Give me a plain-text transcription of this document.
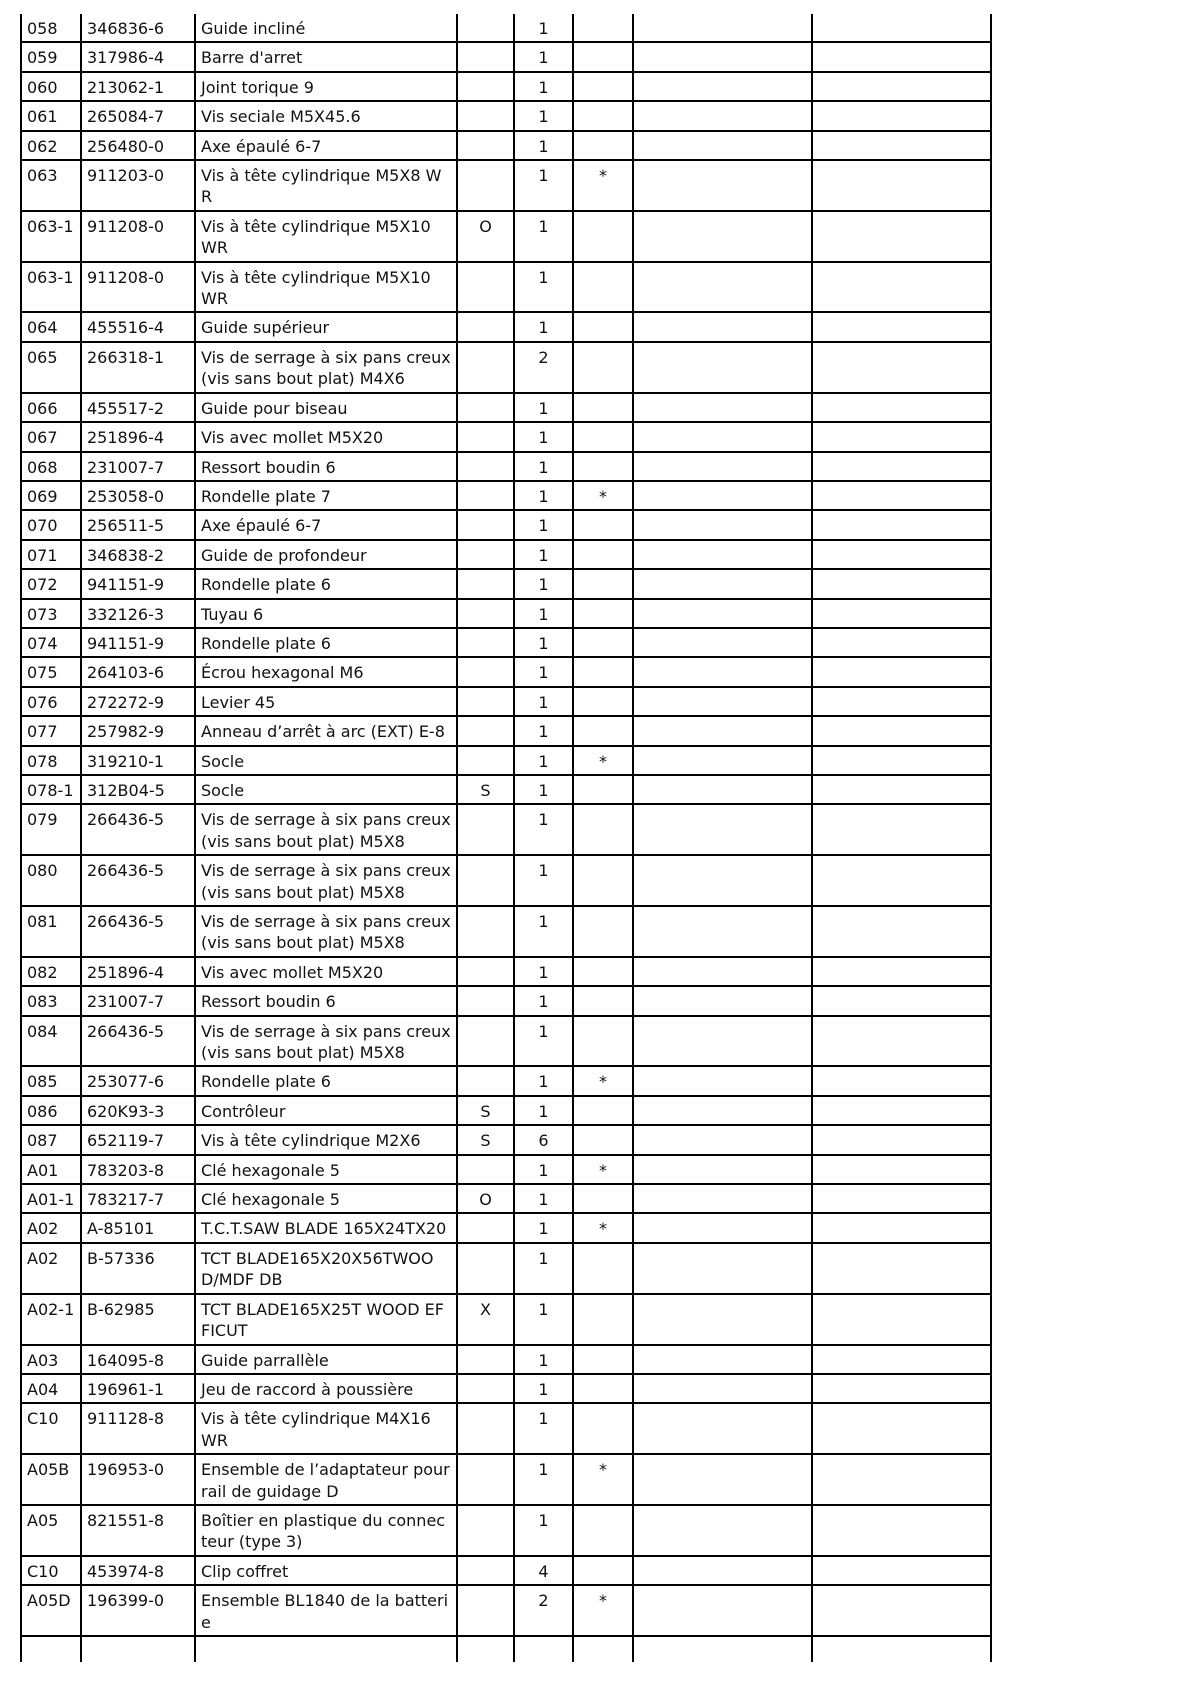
058	346836-6	Guide incliné		1			
059	317986-4	Barre d'arret		1			
060	213062-1	Joint torique 9		1			
061	265084-7	Vis seciale M5X45.6		1			
062	256480-0	Axe épaulé 6-7		1			
063	911203-0	Vis à tête cylindrique M5X8 WR		1	*		
063-1	911208-0	Vis à tête cylindrique M5X10 WR	O	1			
063-1	911208-0	Vis à tête cylindrique M5X10 WR		1			
064	455516-4	Guide supérieur		1			
065	266318-1	Vis de serrage à six pans creux (vis sans bout plat) M4X6		2			
066	455517-2	Guide pour biseau		1			
067	251896-4	Vis avec mollet M5X20		1			
068	231007-7	Ressort boudin 6		1			
069	253058-0	Rondelle plate 7		1	*		
070	256511-5	Axe épaulé 6-7		1			
071	346838-2	Guide de profondeur		1			
072	941151-9	Rondelle plate 6		1			
073	332126-3	Tuyau 6		1			
074	941151-9	Rondelle plate 6		1			
075	264103-6	Écrou hexagonal M6		1			
076	272272-9	Levier 45		1			
077	257982-9	Anneau d’arrêt à arc (EXT) E-8		1			
078	319210-1	Socle		1	*		
078-1	312B04-5	Socle	S	1			
079	266436-5	Vis de serrage à six pans creux (vis sans bout plat) M5X8		1			
080	266436-5	Vis de serrage à six pans creux (vis sans bout plat) M5X8		1			
081	266436-5	Vis de serrage à six pans creux (vis sans bout plat) M5X8		1			
082	251896-4	Vis avec mollet M5X20		1			
083	231007-7	Ressort boudin 6		1			
084	266436-5	Vis de serrage à six pans creux (vis sans bout plat) M5X8		1			
085	253077-6	Rondelle plate 6		1	*		
086	620K93-3	Contrôleur	S	1			
087	652119-7	Vis à tête cylindrique M2X6	S	6			
A01	783203-8	Clé hexagonale 5		1	*		
A01-1	783217-7	Clé hexagonale 5	O	1			
A02	A-85101	T.C.T.SAW BLADE 165X24TX20		1	*		
A02	B-57336	TCT BLADE165X20X56TWOOD/MDF DB		1			
A02-1	B-62985	TCT BLADE165X25T WOOD EFFICUT	X	1			
A03	164095-8	Guide parrallèle		1			
A04	196961-1	Jeu de raccord à poussière		1			
C10	911128-8	Vis à tête cylindrique M4X16 WR		1			
A05B	196953-0	Ensemble de l’adaptateur pour rail de guidage D		1	*		
A05	821551-8	Boîtier en plastique du connecteur (type 3)		1			
C10	453974-8	Clip coffret		4			
A05D	196399-0	Ensemble BL1840 de la batterie		2	*		
